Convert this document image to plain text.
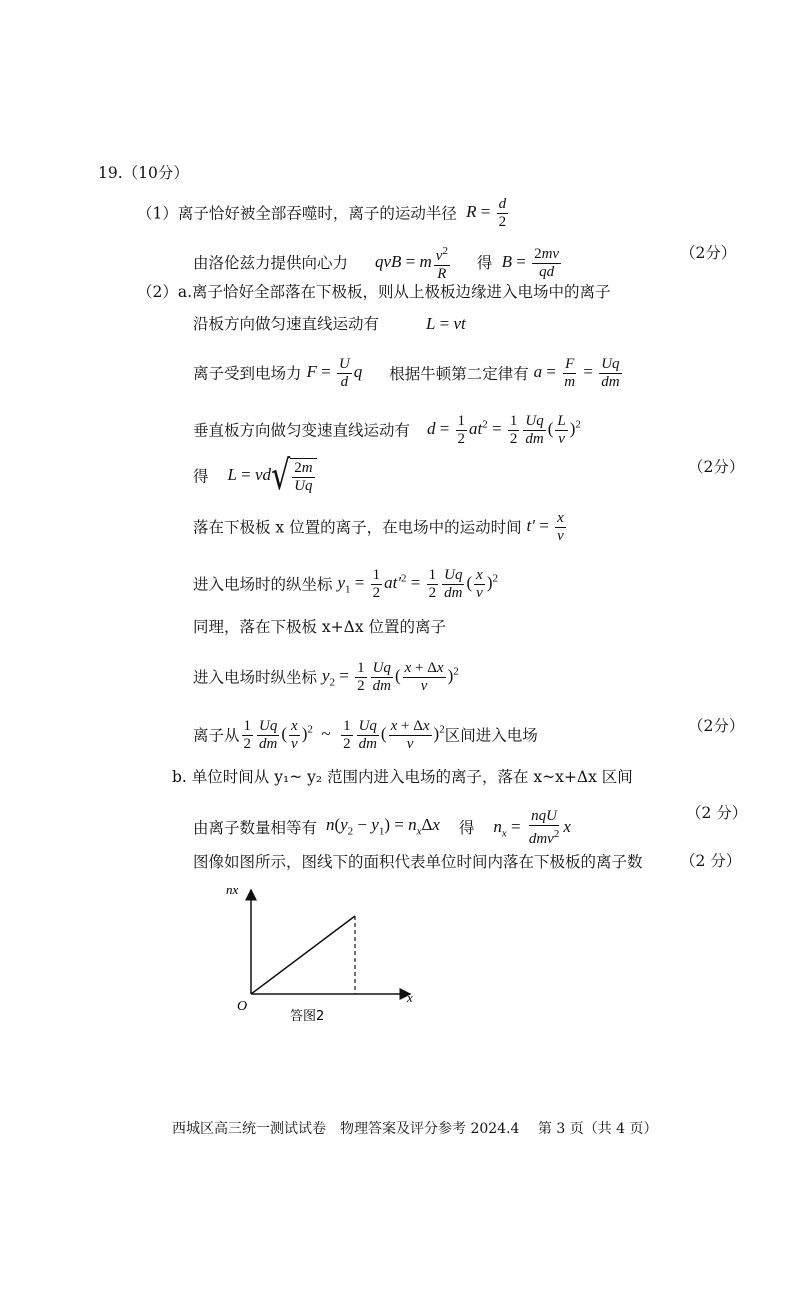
19.（10分）
（1）离子恰好被全部吞噬时，离子的运动半径 $R = \frac{d}{2}$
由洛伦兹力提供向心力 qvB = m $\frac{v^2}{R}$ 得 $B = \frac{2mv}{qd}$	（2分）
（2）a.离子恰好全部落在下极板，则从上极板边缘进入电场中的离子
沿板方向做匀速直线运动有	L = vt
离子受到电场力 $F = \frac{U}{d}$ q 根据牛顿第二定律有 $a = \frac{F}{m} = \frac{Uq}{dm}$
垂直板方向做匀变速直线运动有 $d = \frac{1}{2} at^2 = \frac{1}{2} \frac{Uq}{dm}$ ( $\frac{L}{v} )^2$
得 L = vd √ $\frac{2m}{Uq}$	（2分）
落在下极板 x 位置的离子，在电场中的运动时间 $t' = \frac{x}{v}$
进入电场时的纵坐标 $y_1 = \frac{1}{2} at'^2 = \frac{1}{2} \frac{Uq}{dm}$ ( $\frac{x}{v} )^2$
同理，落在下极板 x+Δx 位置的离子
进入电场时纵坐标 $y_2 = \frac{1}{2} \frac{Uq}{dm}$ ( $\frac{x + \Delta x}{v} )^2$
离子从 $\frac{1}{2} \frac{Uq}{dm}$ ( $\frac{x}{v} )^2$  ~ $\frac{1}{2} \frac{Uq}{dm}$ ( $\frac{x + \Delta x}{v} )^2$区间进入电场
（2分）
b. 单位时间从 y₁~ y₂ 范围内进入电场的离子，落在 x~x+Δx 区间
由离子数量相等有 $n(y_2 - y_1) = n_x\Delta x$ 得 $n_x = \frac{\text{nqU}}{dmv^2}$ x
（2 分）
图像如图所示，图线下的面积代表单位时间内落在下极板的离子数 （2 分）
nx
x
O
答图2
西城区高三统一测试试卷　物理答案及评分参考 2024.4　 第 3 页（共 4 页）
